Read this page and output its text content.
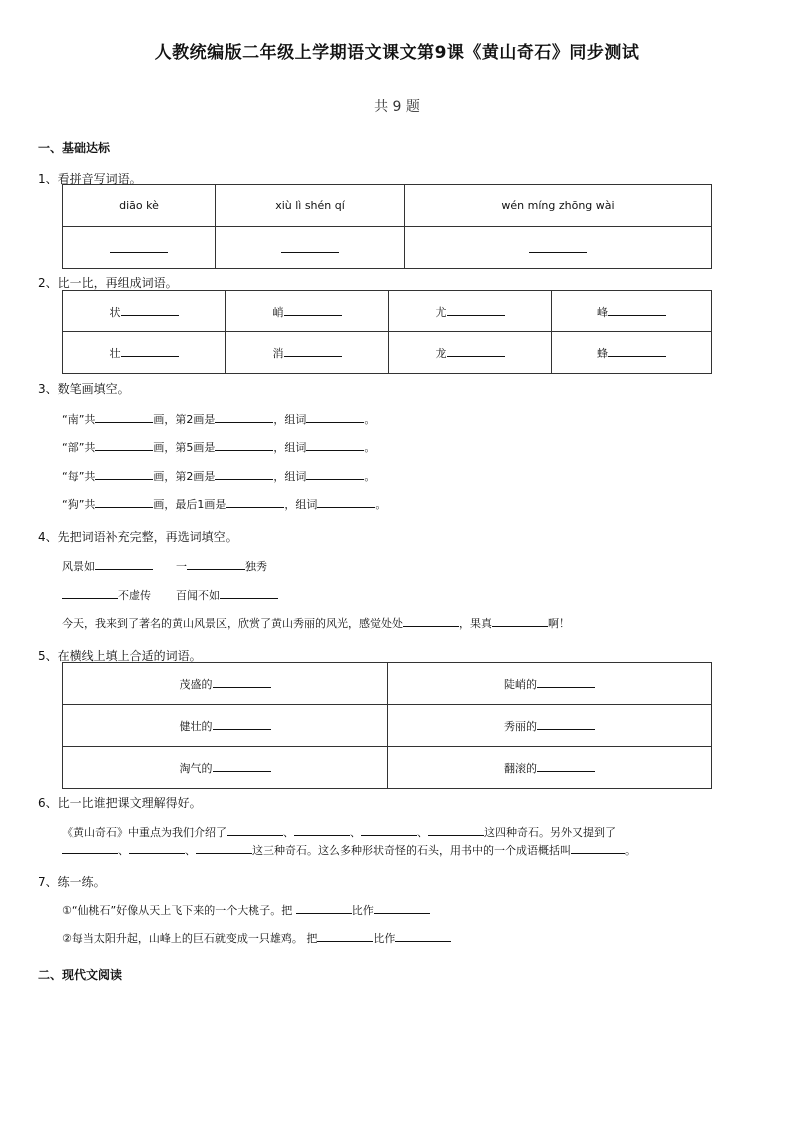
人教统编版二年级上学期语文课文第9课《黄山奇石》同步测试
共 9 题
一、基础达标
1、看拼音写词语。
diāo kè	xiù lì shén qí	wén míng zhōng wài

2、比一比，再组成词语。
状	峭	尤	峰
壮	消	龙	蜂
3、数笔画填空。
“南”共	画，第2画是	，组词	。
“部”共	画，第5画是	，组词	。
“每”共	画，第2画是	，组词	。
“狗”共	画，最后1画是	，组词	。
4、先把词语补充完整，再选词填空。
风景如	一	独秀
不虚传 百闻不如
今天，我来到了著名的黄山风景区，欣赏了黄山秀丽的风光，感觉处处	，果真	啊！
5、在横线上填上合适的词语。
茂盛的	陡峭的
健壮的	秀丽的
淘气的	翻滚的
6、比一比谁把课文理解得好。
《黄山奇石》中重点为我们介绍了	、	、	、	这四种奇石。另外又提到了
、	、	这三种奇石。这么多种形状奇怪的石头，用书中的一个成语概括叫	。
7、练一练。
①“仙桃石”好像从天上飞下来的一个大桃子。把	比作
②每当太阳升起，山峰上的巨石就变成一只雄鸡。 把	比作
二、现代文阅读
